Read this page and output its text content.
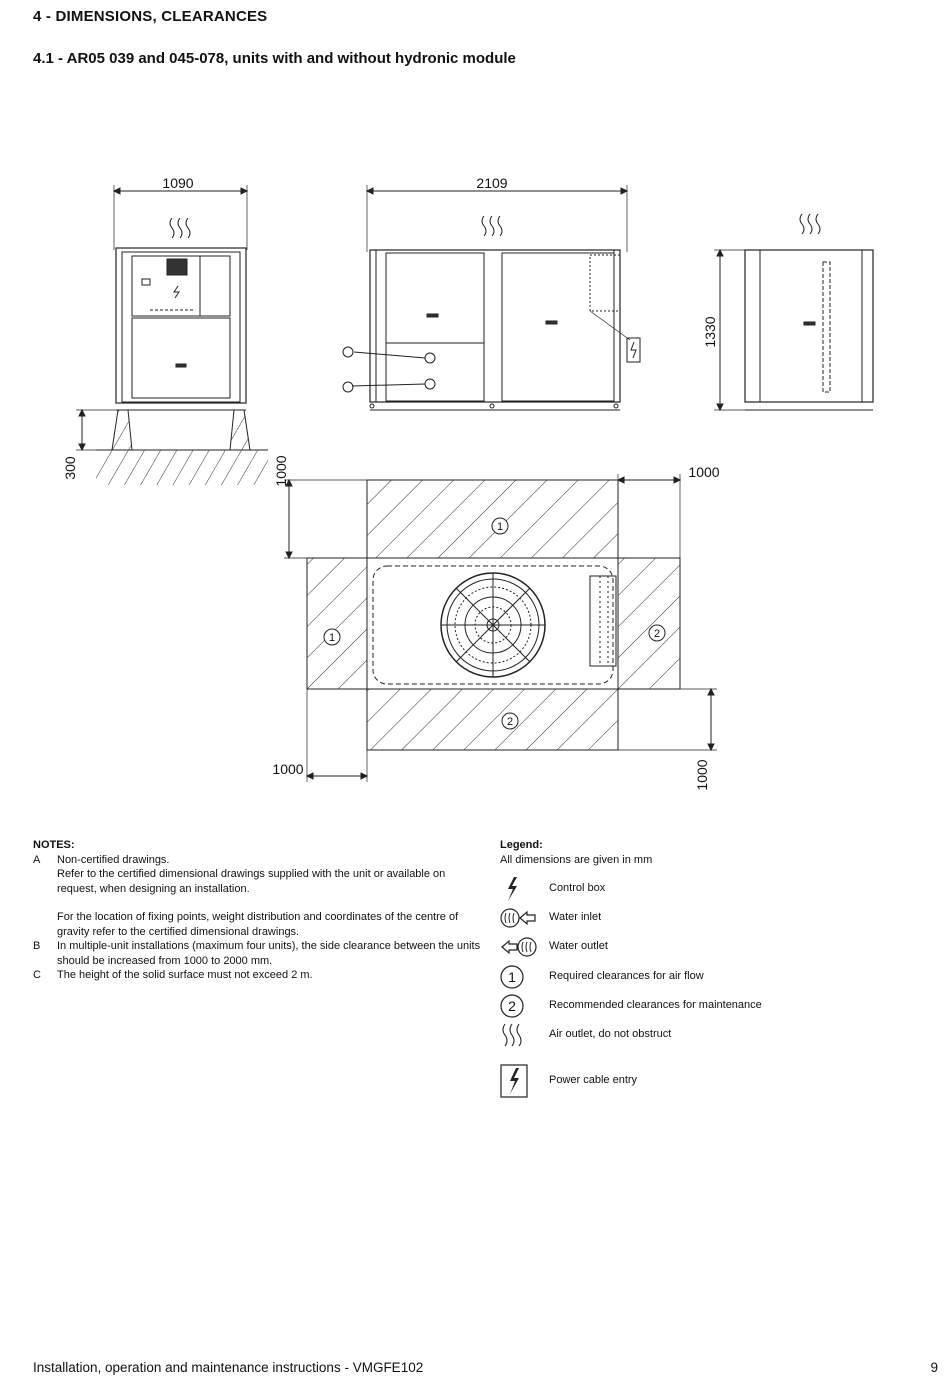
4 - DIMENSIONS, CLEARANCES
4.1 - AR05 039 and 045-078, units with and without hydronic module
1090
300
2109
1330
1000	1000
1000	1000
1
1	2
2
NOTES:
A	Non-certified drawings.
Refer to the certified dimensional drawings supplied with the unit or available on request, when designing an installation.
For the location of fixing points, weight distribution and coordinates of the centre of gravity refer to the certified dimensional drawings.
B	In multiple-unit installations (maximum four units), the side clearance between the units should be increased from 1000 to 2000 mm.
C	The height of the solid surface must not exceed 2 m.
Legend:
All dimensions are given in mm
Control box
Water inlet
Water outlet
1	Required clearances for air flow
2	Recommended clearances for maintenance
Air outlet, do not obstruct
Power cable entry
Installation, operation and maintenance instructions - VMGFE102	9
